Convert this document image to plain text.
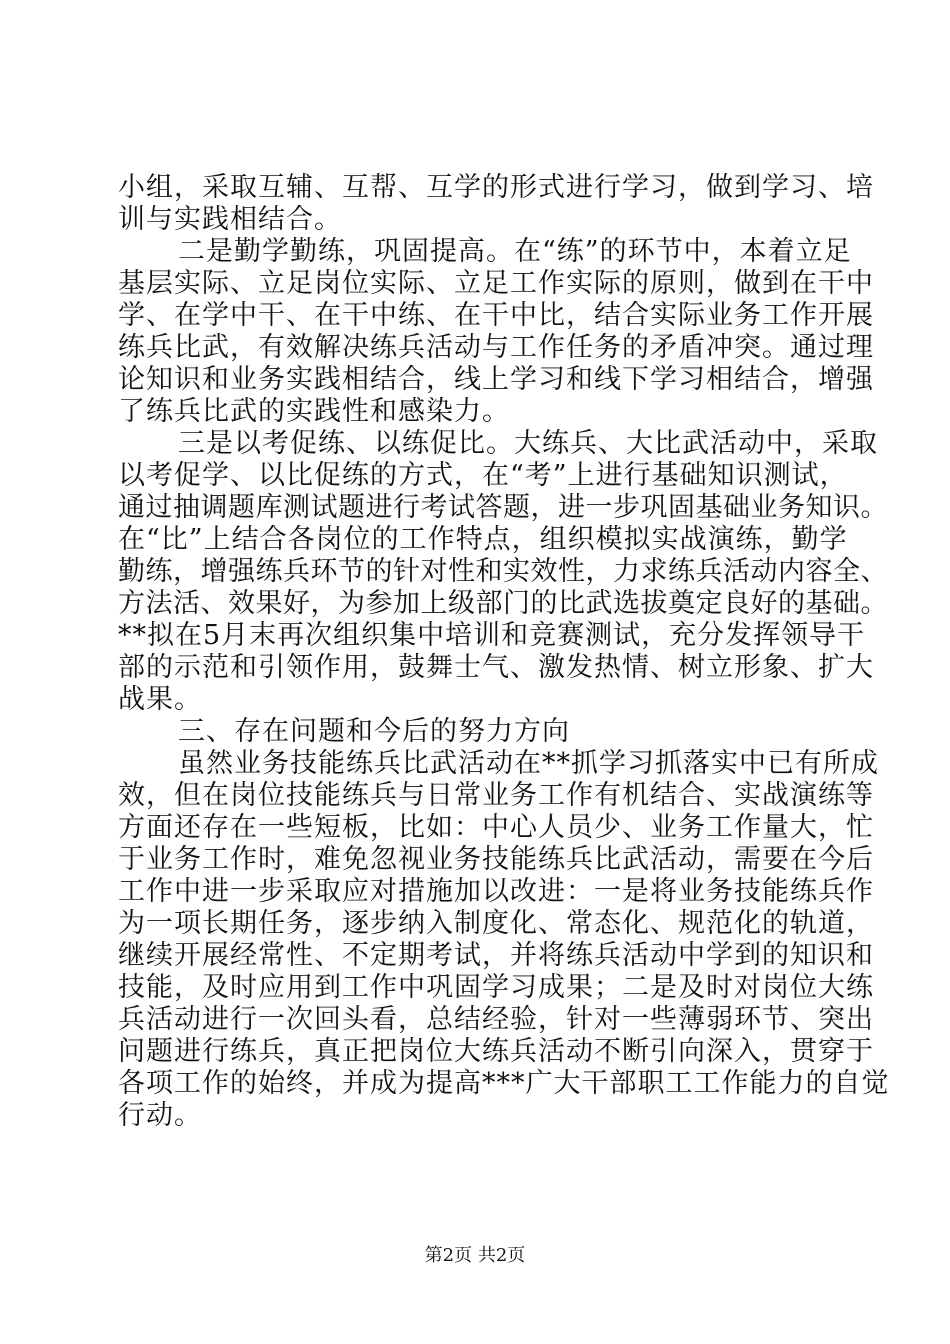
小组，采取互辅、互帮、互学的形式进行学习，做到学习、培
训与实践相结合。
二是勤学勤练，巩固提高。在“练”的环节中，本着立足
基层实际、立足岗位实际、立足工作实际的原则，做到在干中
学、在学中干、在干中练、在干中比，结合实际业务工作开展
练兵比武，有效解决练兵活动与工作任务的矛盾冲突。通过理
论知识和业务实践相结合，线上学习和线下学习相结合，增强
了练兵比武的实践性和感染力。
三是以考促练、以练促比。大练兵、大比武活动中，采取
以考促学、以比促练的方式，在“考”上进行基础知识测试，
通过抽调题库测试题进行考试答题，进一步巩固基础业务知识。
在“比”上结合各岗位的工作特点，组织模拟实战演练，勤学
勤练，增强练兵环节的针对性和实效性，力求练兵活动内容全、
方法活、效果好，为参加上级部门的比武选拔奠定良好的基础。
**拟在5月末再次组织集中培训和竞赛测试，充分发挥领导干
部的示范和引领作用，鼓舞士气、激发热情、树立形象、扩大
战果。
三、存在问题和今后的努力方向
虽然业务技能练兵比武活动在**抓学习抓落实中已有所成
效，但在岗位技能练兵与日常业务工作有机结合、实战演练等
方面还存在一些短板，比如：中心人员少、业务工作量大，忙
于业务工作时，难免忽视业务技能练兵比武活动，需要在今后
工作中进一步采取应对措施加以改进：一是将业务技能练兵作
为一项长期任务，逐步纳入制度化、常态化、规范化的轨道，
继续开展经常性、不定期考试，并将练兵活动中学到的知识和
技能，及时应用到工作中巩固学习成果；二是及时对岗位大练
兵活动进行一次回头看，总结经验，针对一些薄弱环节、突出
问题进行练兵，真正把岗位大练兵活动不断引向深入，贯穿于
各项工作的始终，并成为提高***广大干部职工工作能力的自觉
行动。
第2页 共2页
